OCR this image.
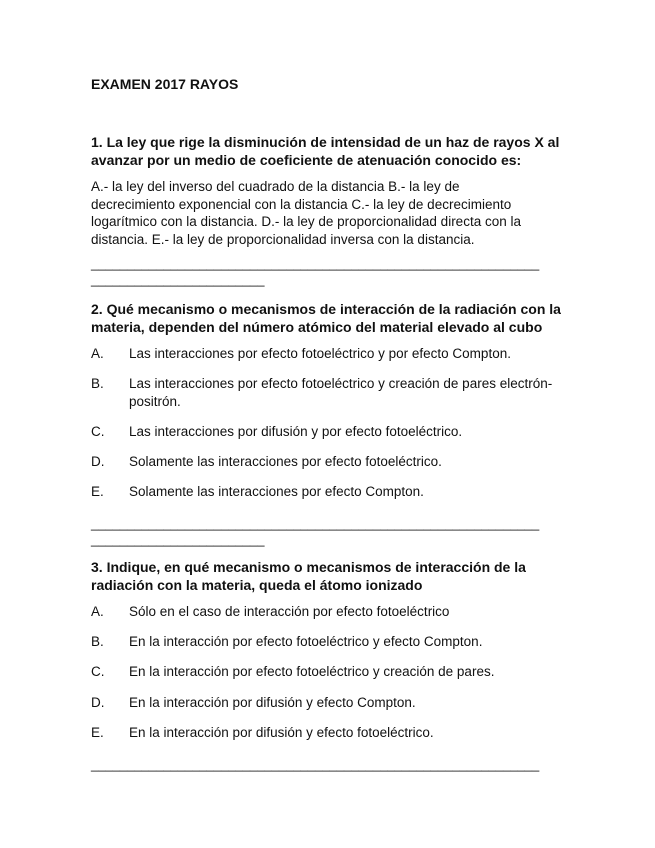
EXAMEN 2017 RAYOS
1. La ley que rige la disminución de intensidad de un haz de rayos X al avanzar por un medio de coeficiente de atenuación conocido es:
A.- la ley del inverso del cuadrado de la distancia B.- la ley de decrecimiento exponencial con la distancia C.- la ley de decrecimiento logarítmico con la distancia. D.- la ley de proporcionalidad directa con la distancia. E.- la ley de proporcionalidad inversa con la distancia.
______________________________________________________________
________________________
2. Qué mecanismo o mecanismos de interacción de la radiación con la materia, dependen del número atómico del material elevado al cubo
A. Las interacciones por efecto fotoeléctrico y por efecto Compton.
B. Las interacciones por efecto fotoeléctrico y creación de pares electrón-positrón.
C. Las interacciones por difusión y por efecto fotoeléctrico.
D. Solamente las interacciones por efecto fotoeléctrico.
E. Solamente las interacciones por efecto Compton.
______________________________________________________________
________________________
3. Indique, en qué mecanismo o mecanismos de interacción de la radiación con la materia, queda el átomo ionizado
A. Sólo en el caso de interacción por efecto fotoeléctrico
B. En la interacción por efecto fotoeléctrico y efecto Compton.
C. En la interacción por efecto fotoeléctrico y creación de pares.
D. En la interacción por difusión y efecto Compton.
E. En la interacción por difusión y efecto fotoeléctrico.
______________________________________________________________
